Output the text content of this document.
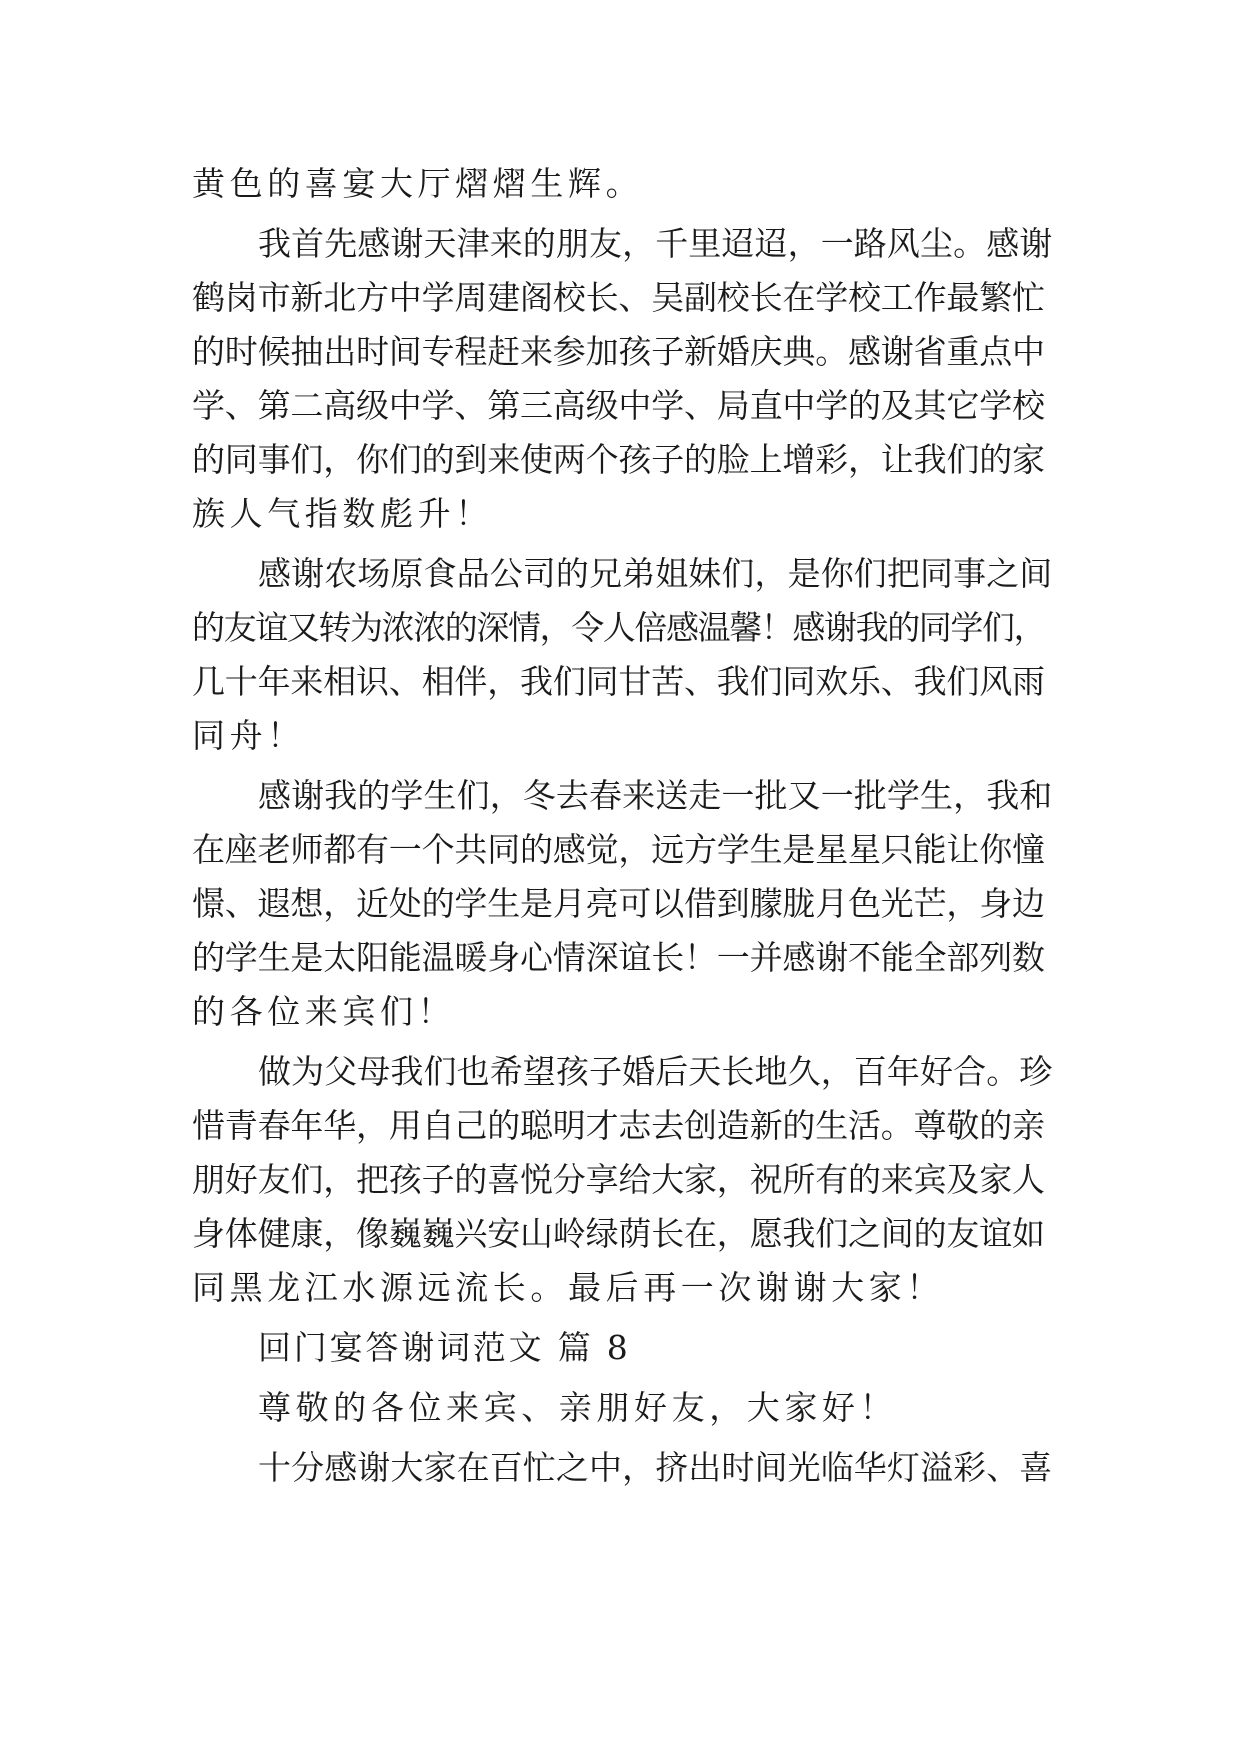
黄色的喜宴大厅熠熠生辉。

我首先感谢天津来的朋友，千里迢迢，一路风尘。感谢

鹤岗市新北方中学周建阁校长、吴副校长在学校工作最繁忙

的时候抽出时间专程赶来参加孩子新婚庆典。感谢省重点中

学、第二高级中学、第三高级中学、局直中学的及其它学校

的同事们，你们的到来使两个孩子的脸上增彩，让我们的家

族人气指数彪升！

感谢农场原食品公司的兄弟姐妹们，是你们把同事之间

的友谊又转为浓浓的深情，令人倍感温馨！感谢我的同学们，

几十年来相识、相伴，我们同甘苦、我们同欢乐、我们风雨

同舟！

感谢我的学生们，冬去春来送走一批又一批学生，我和

在座老师都有一个共同的感觉，远方学生是星星只能让你憧

憬、遐想，近处的学生是月亮可以借到朦胧月色光芒，身边

的学生是太阳能温暖身心情深谊长！一并感谢不能全部列数

的各位来宾们！

做为父母我们也希望孩子婚后天长地久，百年好合。珍

惜青春年华，用自己的聪明才志去创造新的生活。尊敬的亲

朋好友们，把孩子的喜悦分享给大家，祝所有的来宾及家人

身体健康，像巍巍兴安山岭绿荫长在，愿我们之间的友谊如

同黑龙江水源远流长。最后再一次谢谢大家！

回门宴答谢词范文 篇 8

尊敬的各位来宾、亲朋好友，大家好！

十分感谢大家在百忙之中，挤出时间光临华灯溢彩、喜
